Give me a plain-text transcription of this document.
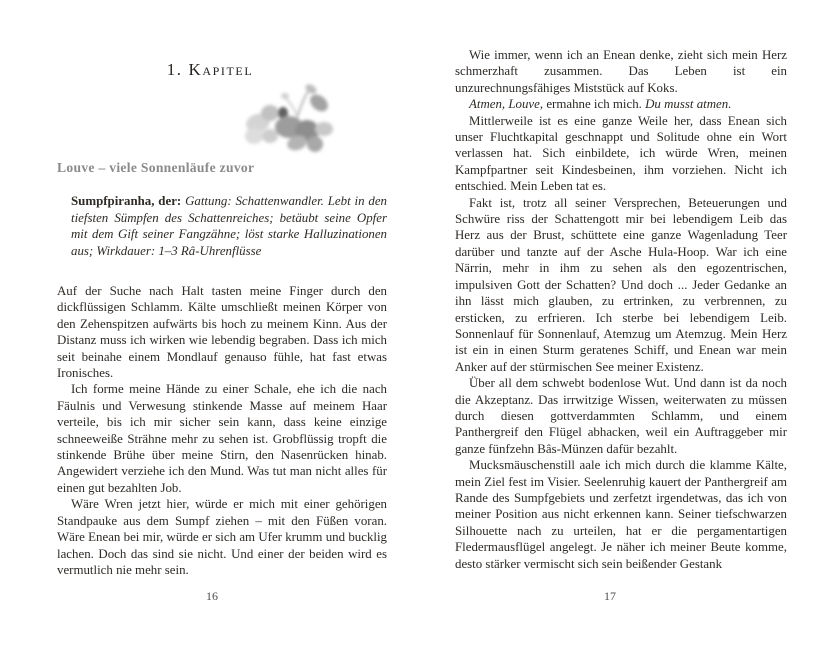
1. Kapitel
Louve – viele Sonnenläufe zuvor

Sumpfpiranha, der: Gattung: Schattenwandler. Lebt in den tiefsten Sümpfen des Schattenreiches; betäubt seine Opfer mit dem Gift seiner Fangzähne; löst starke Halluzinationen aus; Wirkdauer: 1–3 Râ-Uhrenflüsse

Auf der Suche nach Halt tasten meine Finger durch den dickflüssigen Schlamm. Kälte umschließt meinen Körper von den Zehenspitzen aufwärts bis hoch zu meinem Kinn. Aus der Distanz muss ich wirken wie lebendig begraben. Dass ich mich seit beinahe einem Mondlauf genauso fühle, hat fast etwas Ironisches.

Ich forme meine Hände zu einer Schale, ehe ich die nach Fäulnis und Verwesung stinkende Masse auf meinem Haar verteile, bis ich mir sicher sein kann, dass keine einzige schneeweiße Strähne mehr zu sehen ist. Grobflüssig tropft die stinkende Brühe über meine Stirn, den Nasenrücken hinab. Angewidert verziehe ich den Mund. Was tut man nicht alles für einen gut bezahlten Job.

Wäre Wren jetzt hier, würde er mich mit einer gehörigen Standpauke aus dem Sumpf ziehen – mit den Füßen voran. Wäre Enean bei mir, würde er sich am Ufer krumm und bucklig lachen. Doch das sind sie nicht. Und einer der beiden wird es vermutlich nie mehr sein.

Wie immer, wenn ich an Enean denke, zieht sich mein Herz schmerzhaft zusammen. Das Leben ist ein unzurechnungsfähiges Miststück auf Koks.

Atmen, Louve, ermahne ich mich. Du musst atmen.

Mittlerweile ist es eine ganze Weile her, dass Enean sich unser Fluchtkapital geschnappt und Solitude ohne ein Wort verlassen hat. Sich einbildete, ich würde Wren, meinen Kampfpartner seit Kindesbeinen, ihm vorziehen. Nicht ich entschied. Mein Leben tat es.

Fakt ist, trotz all seiner Versprechen, Beteuerungen und Schwüre riss der Schattengott mir bei lebendigem Leib das Herz aus der Brust, schüttete eine ganze Wagenladung Teer darüber und tanzte auf der Asche Hula-Hoop. War ich eine Närrin, mehr in ihm zu sehen als den egozentrischen, impulsiven Gott der Schatten? Und doch ... Jeder Gedanke an ihn lässt mich glauben, zu ertrinken, zu verbrennen, zu ersticken, zu erfrieren. Ich sterbe bei lebendigem Leib. Sonnenlauf für Sonnenlauf, Atemzug um Atemzug. Mein Herz ist ein in einen Sturm geratenes Schiff, und Enean war mein Anker auf der stürmischen See meiner Existenz.

Über all dem schwebt bodenlose Wut. Und dann ist da noch die Akzeptanz. Das irrwitzige Wissen, weiterwaten zu müssen durch diesen gottverdammten Schlamm, und einem Panthergreif den Flügel abhacken, weil ein Auftraggeber mir ganze fünfzehn Bâs-Münzen dafür bezahlt.

Mucksmäuschenstill aale ich mich durch die klamme Kälte, mein Ziel fest im Visier. Seelenruhig kauert der Panthergreif am Rande des Sumpfgebiets und zerfetzt irgendetwas, das ich von meiner Position aus nicht erkennen kann. Seiner tiefschwarzen Silhouette nach zu urteilen, hat er die pergamentartigen Fledermausflügel angelegt. Je näher ich meiner Beute komme, desto stärker vermischt sich sein beißender Gestank

16	17
